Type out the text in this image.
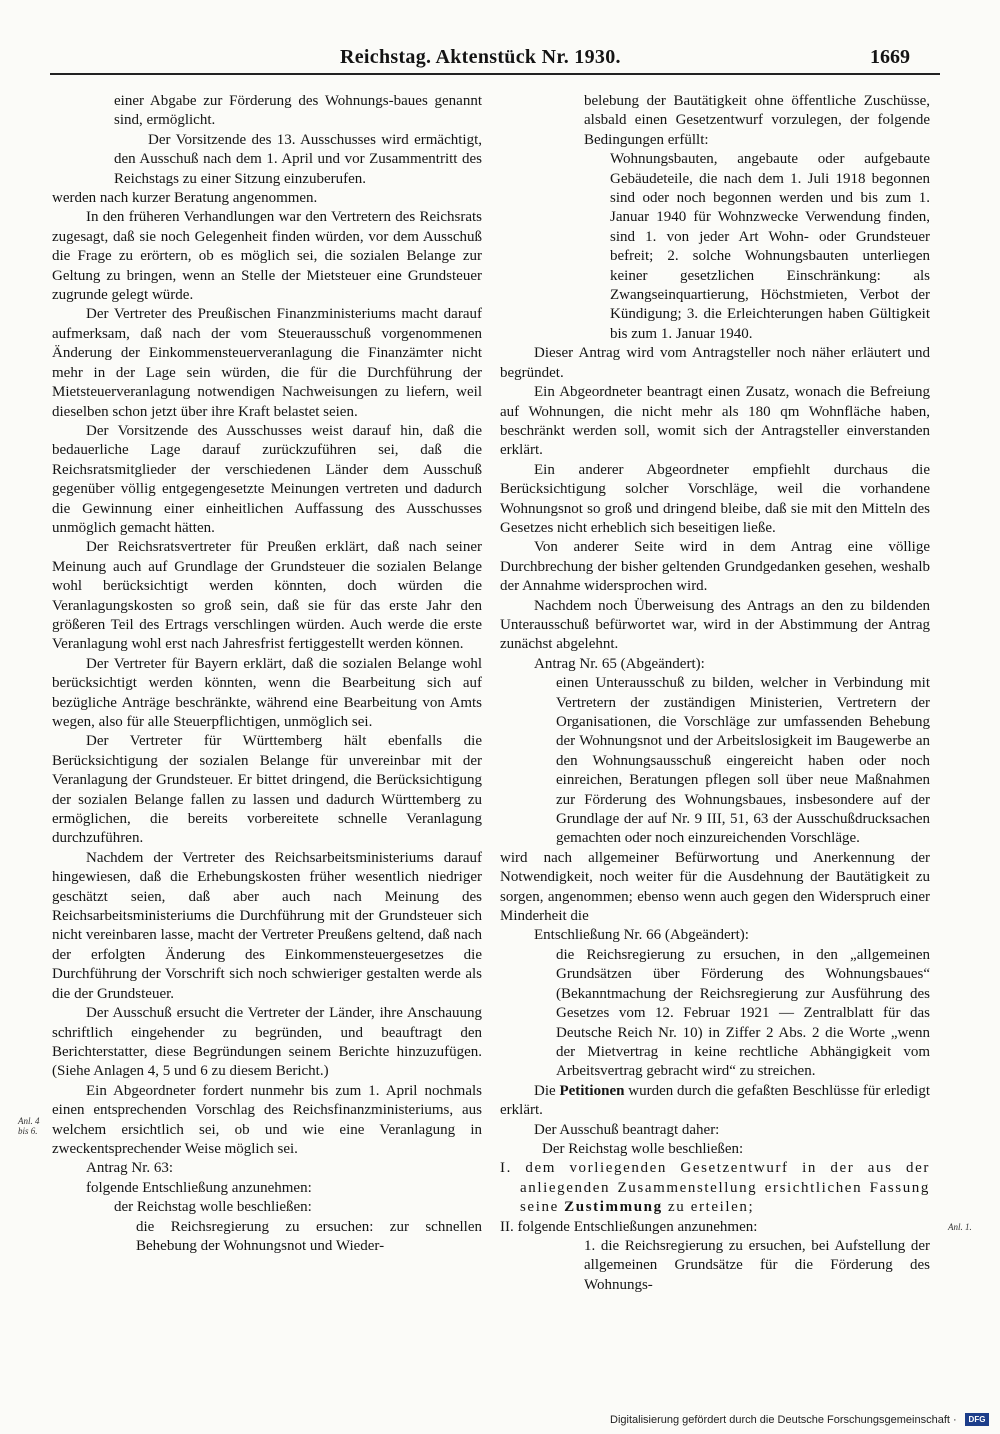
Reichstag. Aktenstück Nr. 1930.	1669

einer Abgabe zur Förderung des Wohnungs-baues genannt sind, ermöglicht.

Der Vorsitzende des 13. Ausschusses wird ermächtigt, den Ausschuß nach dem 1. April und vor Zusammentritt des Reichstags zu einer Sitzung einzuberufen.

werden nach kurzer Beratung angenommen.

In den früheren Verhandlungen war den Vertretern des Reichsrats zugesagt, daß sie noch Gelegenheit finden würden, vor dem Ausschuß die Frage zu erörtern, ob es möglich sei, die sozialen Belange zur Geltung zu bringen, wenn an Stelle der Mietsteuer eine Grundsteuer zugrunde gelegt würde.

Der Vertreter des Preußischen Finanzministeriums macht darauf aufmerksam, daß nach der vom Steuerausschuß vorgenommenen Änderung der Einkommensteuerveranlagung die Finanzämter nicht mehr in der Lage sein würden, die für die Durchführung der Mietsteuerveranlagung notwendigen Nachweisungen zu liefern, weil dieselben schon jetzt über ihre Kraft belastet seien.

Der Vorsitzende des Ausschusses weist darauf hin, daß die bedauerliche Lage darauf zurückzuführen sei, daß die Reichsratsmitglieder der verschiedenen Länder dem Ausschuß gegenüber völlig entgegengesetzte Meinungen vertreten und dadurch die Gewinnung einer einheitlichen Auffassung des Ausschusses unmöglich gemacht hätten.

Der Reichsratsvertreter für Preußen erklärt, daß nach seiner Meinung auch auf Grundlage der Grundsteuer die sozialen Belange wohl berücksichtigt werden könnten, doch würden die Veranlagungskosten so groß sein, daß sie für das erste Jahr den größeren Teil des Ertrags verschlingen würden. Auch werde die erste Veranlagung wohl erst nach Jahresfrist fertiggestellt werden können.

Der Vertreter für Bayern erklärt, daß die sozialen Belange wohl berücksichtigt werden könnten, wenn die Bearbeitung sich auf bezügliche Anträge beschränkte, während eine Bearbeitung von Amts wegen, also für alle Steuerpflichtigen, unmöglich sei.

Der Vertreter für Württemberg hält ebenfalls die Berücksichtigung der sozialen Belange für unvereinbar mit der Veranlagung der Grundsteuer. Er bittet dringend, die Berücksichtigung der sozialen Belange fallen zu lassen und dadurch Württemberg zu ermöglichen, die bereits vorbereitete schnelle Veranlagung durchzuführen.

Nachdem der Vertreter des Reichsarbeitsministeriums darauf hingewiesen, daß die Erhebungskosten früher wesentlich niedriger geschätzt seien, daß aber auch nach Meinung des Reichsarbeitsministeriums die Durchführung mit der Grundsteuer sich nicht vereinbaren lasse, macht der Vertreter Preußens geltend, daß nach der erfolgten Änderung des Einkommensteuergesetzes die Durchführung der Vorschrift sich noch schwieriger gestalten werde als die der Grundsteuer.

Der Ausschuß ersucht die Vertreter der Länder, ihre Anschauung schriftlich eingehender zu begründen, und beauftragt den Berichterstatter, diese Begründungen seinem Berichte hinzuzufügen. (Siehe Anlagen 4, 5 und 6 zu diesem Bericht.)

Ein Abgeordneter fordert nunmehr bis zum 1. April nochmals einen entsprechenden Vorschlag des Reichsfinanzministeriums, aus welchem ersichtlich sei, ob und wie eine Veranlagung in zweckentsprechender Weise möglich sei.

Antrag Nr. 63:

folgende Entschließung anzunehmen:

der Reichstag wolle beschließen:

die Reichsregierung zu ersuchen: zur schnellen Behebung der Wohnungsnot und Wieder-

belebung der Bautätigkeit ohne öffentliche Zuschüsse, alsbald einen Gesetzentwurf vorzulegen, der folgende Bedingungen erfüllt:

Wohnungsbauten, angebaute oder aufgebaute Gebäudeteile, die nach dem 1. Juli 1918 begonnen sind oder noch begonnen werden und bis zum 1. Januar 1940 für Wohnzwecke Verwendung finden, sind 1. von jeder Art Wohn- oder Grundsteuer befreit; 2. solche Wohnungsbauten unterliegen keiner gesetzlichen Einschränkung: als Zwangseinquartierung, Höchstmieten, Verbot der Kündigung; 3. die Erleichterungen haben Gültigkeit bis zum 1. Januar 1940.

Dieser Antrag wird vom Antragsteller noch näher erläutert und begründet.

Ein Abgeordneter beantragt einen Zusatz, wonach die Befreiung auf Wohnungen, die nicht mehr als 180 qm Wohnfläche haben, beschränkt werden soll, womit sich der Antragsteller einverstanden erklärt.

Ein anderer Abgeordneter empfiehlt durchaus die Berücksichtigung solcher Vorschläge, weil die vorhandene Wohnungsnot so groß und dringend bleibe, daß sie mit den Mitteln des Gesetzes nicht erheblich sich beseitigen ließe.

Von anderer Seite wird in dem Antrag eine völlige Durchbrechung der bisher geltenden Grundgedanken gesehen, weshalb der Annahme widersprochen wird.

Nachdem noch Überweisung des Antrags an den zu bildenden Unterausschuß befürwortet war, wird in der Abstimmung der Antrag zunächst abgelehnt.

Antrag Nr. 65 (Abgeändert):

einen Unterausschuß zu bilden, welcher in Verbindung mit Vertretern der zuständigen Ministerien, Vertretern der Organisationen, die Vorschläge zur umfassenden Behebung der Wohnungsnot und der Arbeitslosigkeit im Baugewerbe an den Wohnungsausschuß eingereicht haben oder noch einreichen, Beratungen pflegen soll über neue Maßnahmen zur Förderung des Wohnungsbaues, insbesondere auf der Grundlage der auf Nr. 9 III, 51, 63 der Ausschußdrucksachen gemachten oder noch einzureichenden Vorschläge.

wird nach allgemeiner Befürwortung und Anerkennung der Notwendigkeit, noch weiter für die Ausdehnung der Bautätigkeit zu sorgen, angenommen; ebenso wenn auch gegen den Widerspruch einer Minderheit die

Entschließung Nr. 66 (Abgeändert):

die Reichsregierung zu ersuchen, in den „allgemeinen Grundsätzen über Förderung des Wohnungsbaues“ (Bekanntmachung der Reichsregierung zur Ausführung des Gesetzes vom 12. Februar 1921 — Zentralblatt für das Deutsche Reich Nr. 10) in Ziffer 2 Abs. 2 die Worte „wenn der Mietvertrag in keine rechtliche Abhängigkeit vom Arbeitsvertrag gebracht wird“ zu streichen.

Die Petitionen wurden durch die gefaßten Beschlüsse für erledigt erklärt.

Der Ausschuß beantragt daher:

Der Reichstag wolle beschließen:

I. dem vorliegenden Gesetzentwurf in der aus der anliegenden Zusammenstellung ersichtlichen Fassung seine Zustimmung zu erteilen;

II. folgende Entschließungen anzunehmen:

1. die Reichsregierung zu ersuchen, bei Aufstellung der allgemeinen Grundsätze für die Förderung des Wohnungs-

Anl. 4 bis 6.
Anl. 1.
Digitalisierung gefördert durch die Deutsche Forschungsgemeinschaft ·	DFG
